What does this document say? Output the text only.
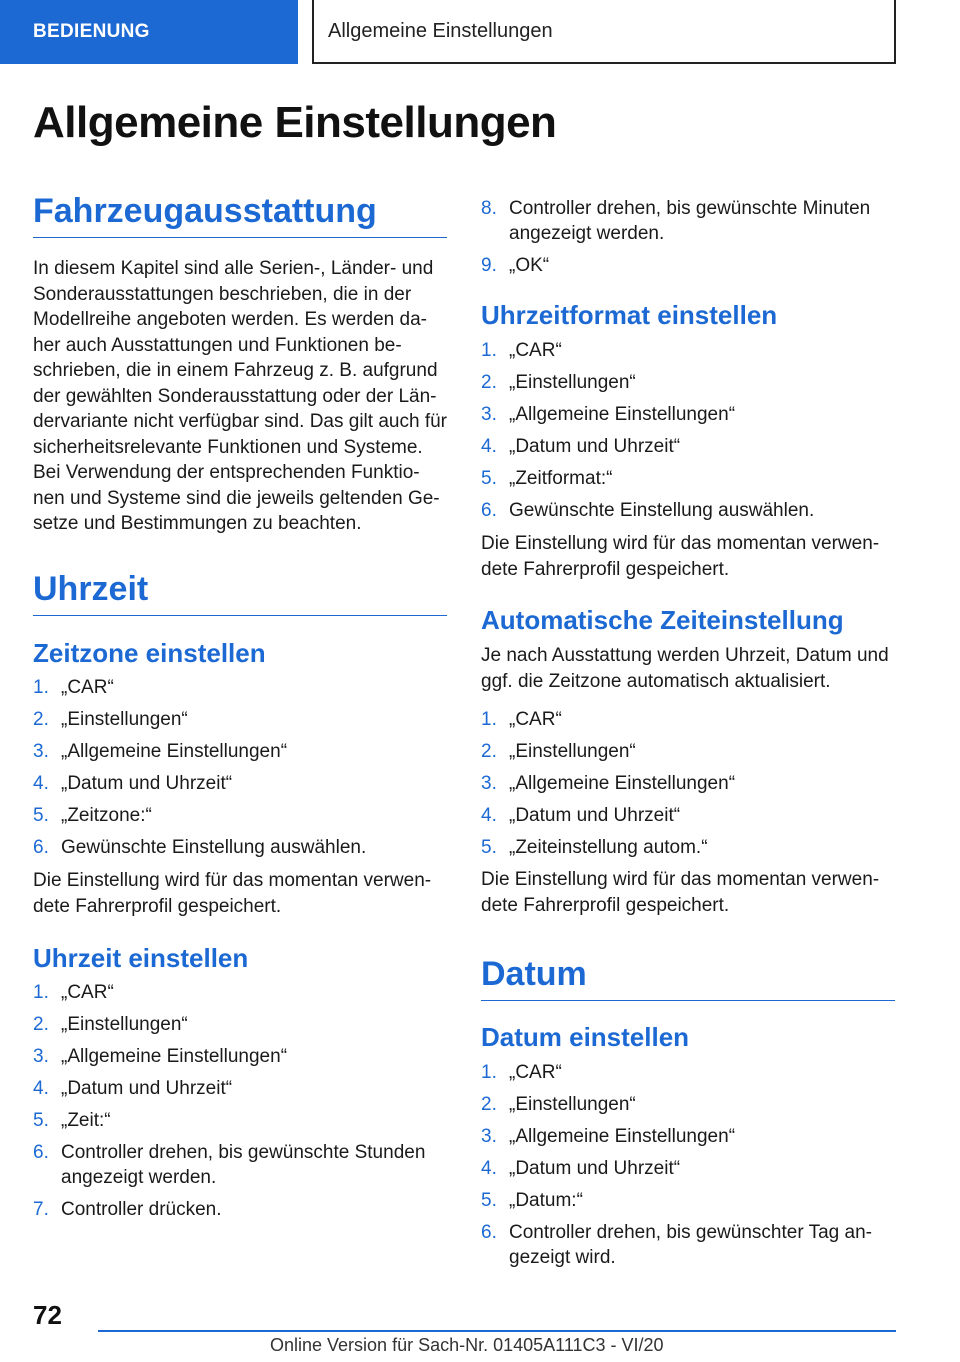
BEDIENUNG	Allgemeine Einstellungen
Allgemeine Einstellungen
Fahrzeugausstattung
In diesem Kapitel sind alle Serien-, Länder- und
Sonderausstattungen beschrieben, die in der
Modellreihe angeboten werden. Es werden da-
her auch Ausstattungen und Funktionen be-
schrieben, die in einem Fahrzeug z. B. aufgrund
der gewählten Sonderausstattung oder der Län-
dervariante nicht verfügbar sind. Das gilt auch für
sicherheitsrelevante Funktionen und Systeme.
Bei Verwendung der entsprechenden Funktio-
nen und Systeme sind die jeweils geltenden Ge-
setze und Bestimmungen zu beachten.
Uhrzeit
Zeitzone einstellen
1. „CAR“
2. „Einstellungen“
3. „Allgemeine Einstellungen“
4. „Datum und Uhrzeit“
5. „Zeitzone:“
6. Gewünschte Einstellung auswählen.
Die Einstellung wird für das momentan verwen-
dete Fahrerprofil gespeichert.
Uhrzeit einstellen
1. „CAR“
2. „Einstellungen“
3. „Allgemeine Einstellungen“
4. „Datum und Uhrzeit“
5. „Zeit:“
6. Controller drehen, bis gewünschte Stunden angezeigt werden.
7. Controller drücken.
8. Controller drehen, bis gewünschte Minuten angezeigt werden.
9. „OK“
Uhrzeitformat einstellen
1. „CAR“
2. „Einstellungen“
3. „Allgemeine Einstellungen“
4. „Datum und Uhrzeit“
5. „Zeitformat:“
6. Gewünschte Einstellung auswählen.
Die Einstellung wird für das momentan verwen-
dete Fahrerprofil gespeichert.
Automatische Zeiteinstellung
Je nach Ausstattung werden Uhrzeit, Datum und
ggf. die Zeitzone automatisch aktualisiert.
1. „CAR“
2. „Einstellungen“
3. „Allgemeine Einstellungen“
4. „Datum und Uhrzeit“
5. „Zeiteinstellung autom.“
Die Einstellung wird für das momentan verwen-
dete Fahrerprofil gespeichert.
Datum
Datum einstellen
1. „CAR“
2. „Einstellungen“
3. „Allgemeine Einstellungen“
4. „Datum und Uhrzeit“
5. „Datum:“
6. Controller drehen, bis gewünschter Tag an-gezeigt wird.
72
Online Version für Sach-Nr. 01405A111C3 - VI/20
